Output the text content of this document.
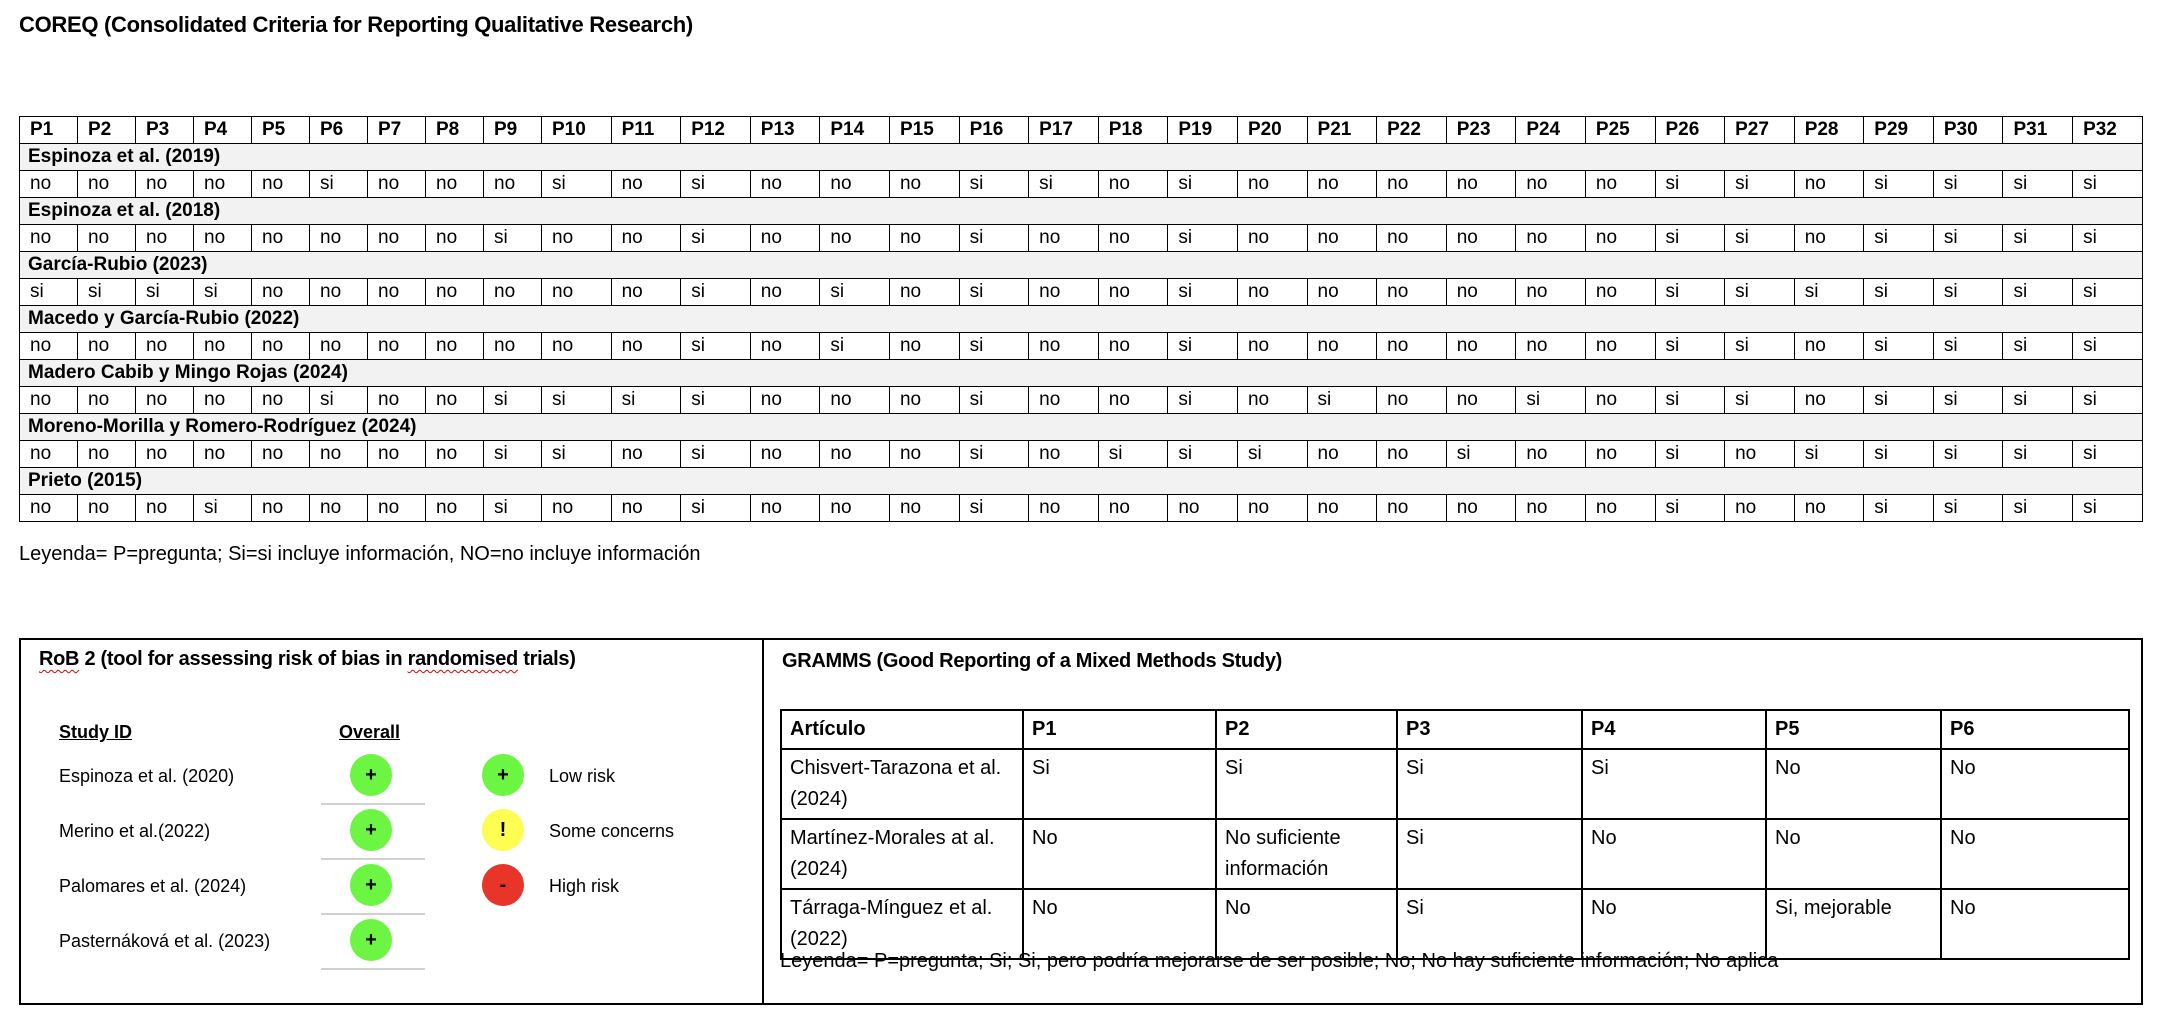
COREQ (Consolidated Criteria for Reporting Qualitative Research)
P1	P2	P3	P4	P5	P6	P7	P8	P9	P10	P11	P12	P13	P14	P15	P16	P17	P18	P19	P20	P21	P22	P23	P24	P25	P26	P27	P28	P29	P30	P31	P32
Espinoza et al. (2019)																															
no	no	no	no	no	si	no	no	no	si	no	si	no	no	no	si	si	no	si	no	no	no	no	no	no	si	si	no	si	si	si	si
Espinoza et al. (2018)																															
no	no	no	no	no	no	no	no	si	no	no	si	no	no	no	si	no	no	si	no	no	no	no	no	no	si	si	no	si	si	si	si
García-Rubio (2023)																															
si	si	si	si	no	no	no	no	no	no	no	si	no	si	no	si	no	no	si	no	no	no	no	no	no	si	si	si	si	si	si	si
Macedo y García-Rubio (2022)																															
no	no	no	no	no	no	no	no	no	no	no	si	no	si	no	si	no	no	si	no	no	no	no	no	no	si	si	no	si	si	si	si
Madero Cabib y Mingo Rojas (2024)																															
no	no	no	no	no	si	no	no	si	si	si	si	no	no	no	si	no	no	si	no	si	no	no	si	no	si	si	no	si	si	si	si
Moreno-Morilla y Romero-Rodríguez (2024)																															
no	no	no	no	no	no	no	no	si	si	no	si	no	no	no	si	no	si	si	si	no	no	si	no	no	si	no	si	si	si	si	si
Prieto (2015)																															
no	no	no	si	no	no	no	no	si	no	no	si	no	no	no	si	no	no	no	no	no	no	no	no	no	si	no	no	si	si	si	si
Leyenda= P=pregunta; Si=si incluye información, NO=no incluye información
RoB 2 (tool for assessing risk of bias in randomised trials)
Study ID	Overall
Espinoza et al. (2020)	+
Merino et al.(2022)	+
Palomares et al. (2024)	+
Pasternáková et al. (2023)	+
+	Low risk
!	Some concerns
-	High risk
GRAMMS (Good Reporting of a Mixed Methods Study)
Artículo	P1	P2	P3	P4	P5	P6
Chisvert-Tarazona et al. (2024)	Si	Si	Si	Si	No	No
Martínez-Morales at al. (2024)	No	No suficiente información	Si	No	No	No
Tárraga-Mínguez et al. (2022)	No	No	Si	No	Si, mejorable	No
Leyenda= P=pregunta; Si; Si, pero podría mejorarse de ser posible; No; No hay suficiente información; No aplica
